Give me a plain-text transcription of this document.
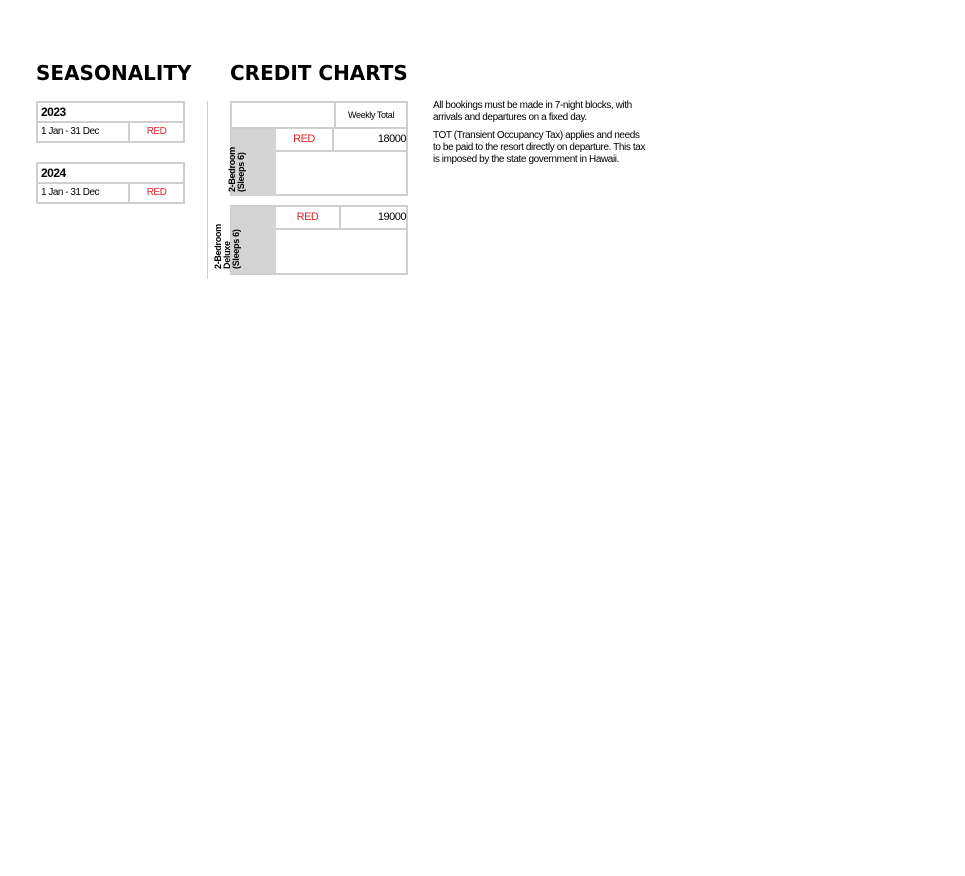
SEASONALITY CREDIT CHARTS
2023
1 Jan - 31 Dec	RED
2024
1 Jan - 31 Dec	RED
Weekly Total
2-Bedroom
(Sleeps 6)
RED	18000
2-Bedroom
Deluxe
(Sleeps 6)
RED	19000

All bookings must be made in 7-night blocks, with arrivals and departures on a fixed day.

TOT (Transient Occupancy Tax) applies and needs to be paid to the resort directly on departure. This tax is imposed by the state government in Hawaii.
